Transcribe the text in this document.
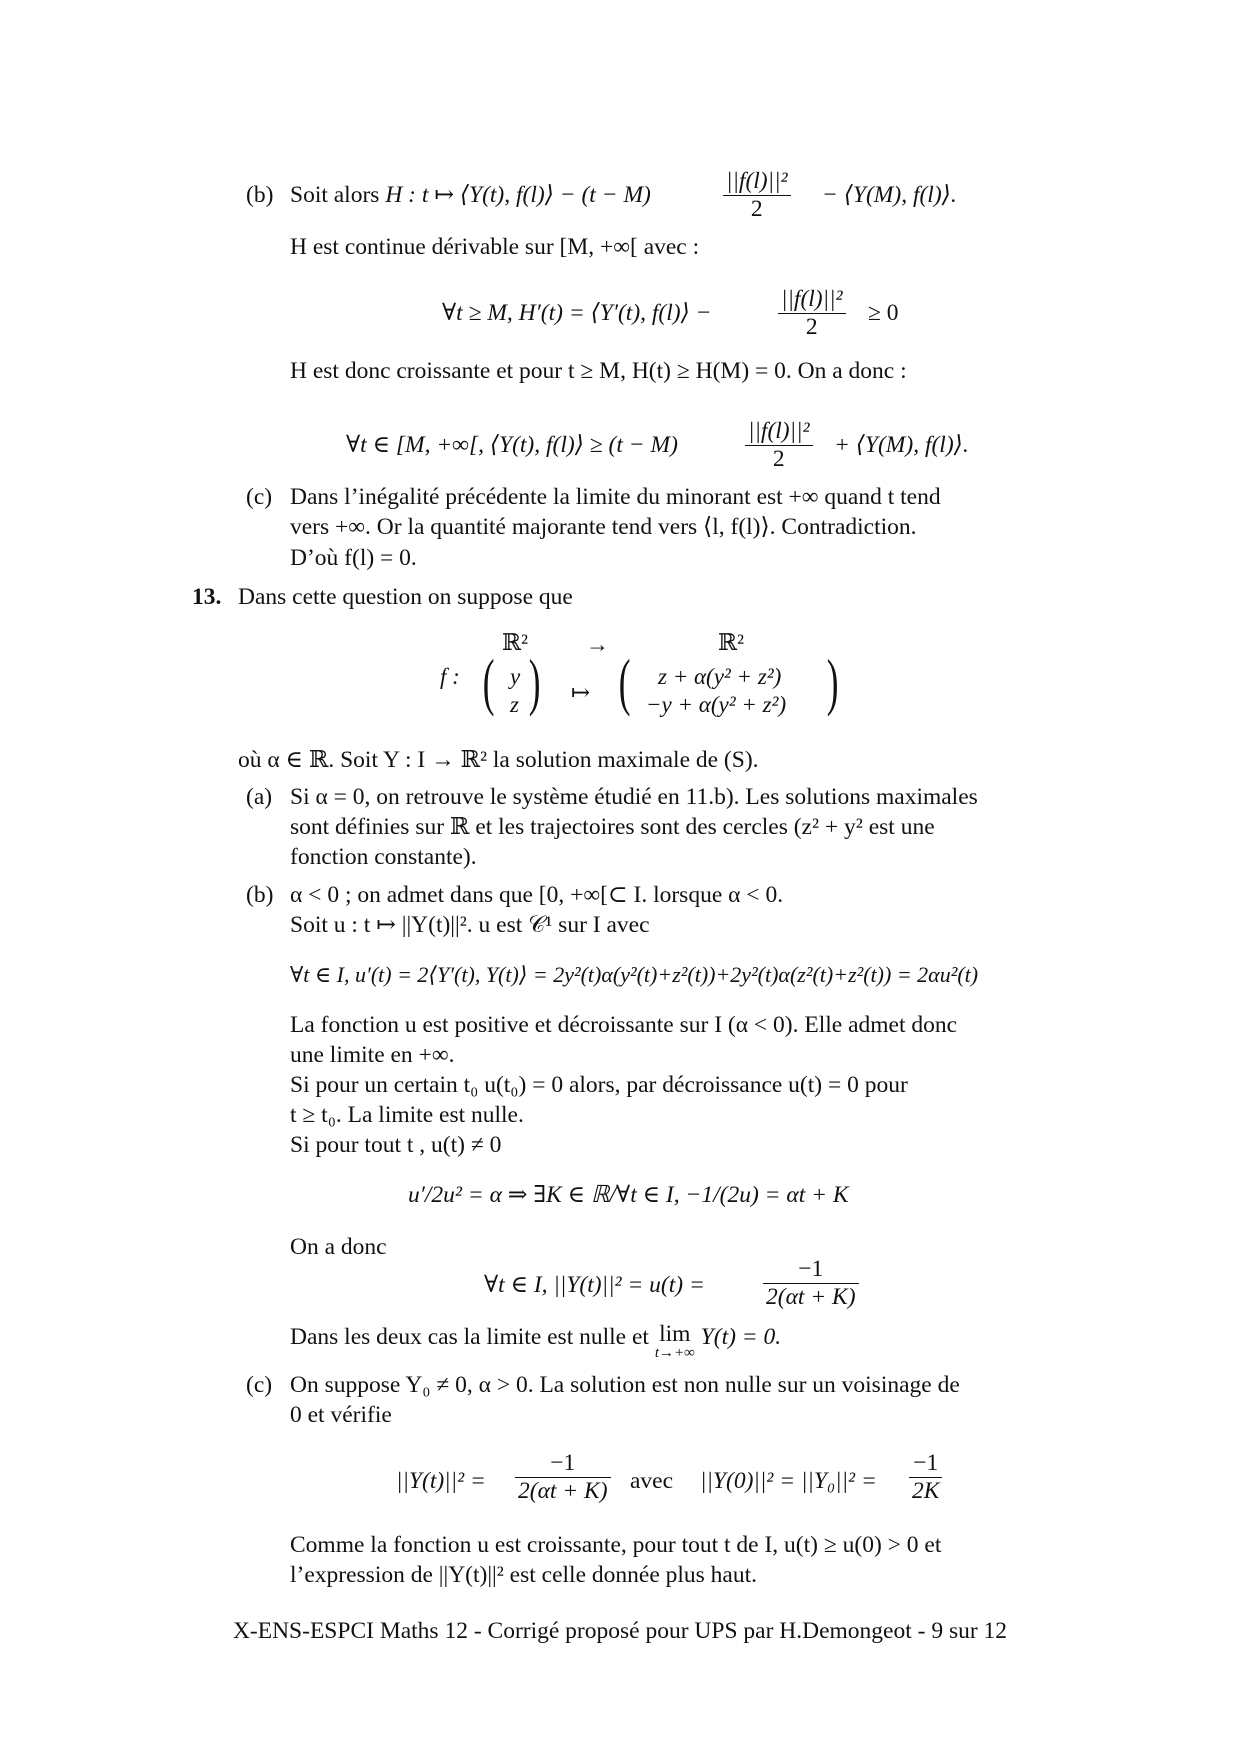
(b) Soit alors H : t ↦ ⟨Y(t), f(l)⟩ − (t − M)	$\frac{\text{||f(l)||²}}{2}$ − ⟨Y(M), f(l)⟩.
H est continue dérivable sur [M, +∞[ avec :
∀t ≥ M, H′(t) = ⟨Y′(t), f(l)⟩ −	$\frac{\text{||f(l)||²}}{2} \ge 0$
H est donc croissante et pour t ≥ M, H(t) ≥ H(M) = 0. On a donc :
∀t ∈ [M, +∞[, ⟨Y(t), f(l)⟩ ≥ (t − M)	$\frac{\text{||f(l)||²}}{2}$ + ⟨Y(M), f(l)⟩.
(c) Dans l’inégalité précédente la limite du minorant est +∞ quand t tend
vers +∞. Or la quantité majorante tend vers ⟨l, f(l)⟩. Contradiction.
D’où f(l) = 0.
13. Dans cette question on suppose que
ℝ²	→	ℝ²
f : ( y
z ) ↦ ( z + α(y² + z²)
−y + α(y² + z²) )
où α ∈ ℝ. Soit Y : I → ℝ² la solution maximale de (S).
(a) Si α = 0, on retrouve le système étudié en 11.b). Les solutions maximales
sont définies sur ℝ et les trajectoires sont des cercles (z² + y² est une
fonction constante).
(b) α < 0 ; on admet dans que [0, +∞[⊂ I. lorsque α < 0.
Soit u : t ↦ ||Y(t)||². u est 𝒞¹ sur I avec
∀t ∈ I, u′(t) = 2⟨Y′(t), Y(t)⟩ = 2y²(t)α(y²(t)+z²(t))+2y²(t)α(z²(t)+z²(t)) = 2αu²(t)
La fonction u est positive et décroissante sur I (α < 0). Elle admet donc
une limite en +∞.
Si pour un certain t₀ u(t₀) = 0 alors, par décroissance u(t) = 0 pour
t ≥ t₀. La limite est nulle.
Si pour tout t , u(t) ≠ 0
u′/2u² = α ⇒ ∃K ∈ ℝ/∀t ∈ I, −1/(2u) = αt + K
On a donc
∀t ∈ I, $||Y(t)||^2 = u(t) = \frac{-1}{2(\alpha t + K)}$
Dans les deux cas la limite est nulle et lim
t→+∞
Y(t) = 0.
(c) On suppose Y₀ ≠ 0, α > 0. La solution est non nulle sur un voisinage de
0 et vérifie
$||Y(t)||^2 = \frac{-1}{2(\alpha t + K)}$ avec $||Y(0)||^2 = ||Y_0||^2 = \frac{-1}{2K}$
Comme la fonction u est croissante, pour tout t de I, u(t) ≥ u(0) > 0 et
l’expression de ||Y(t)||² est celle donnée plus haut.
X-ENS-ESPCI Maths 12 - Corrigé proposé pour UPS par H.Demongeot - 9 sur 12
